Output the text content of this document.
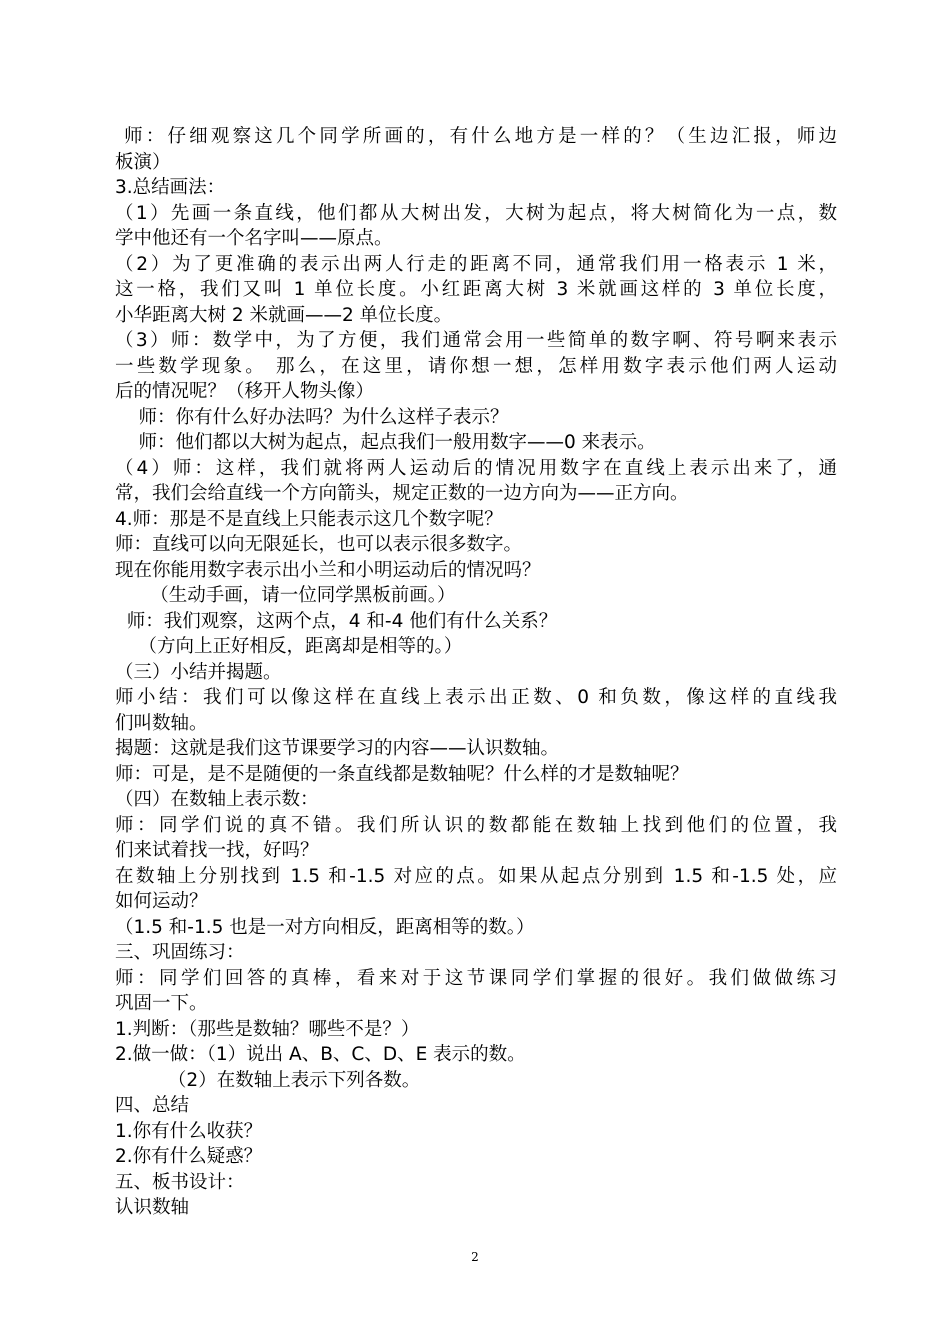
师：仔细观察这几个同学所画的，有什么地方是一样的？（生边汇报，师边
板演）
3.总结画法：
（1）先画一条直线，他们都从大树出发，大树为起点，将大树简化为一点，数
学中他还有一个名字叫——原点。
（2）为了更准确的表示出两人行走的距离不同，通常我们用一格表示 1 米，
这一格，我们又叫 1 单位长度。小红距离大树 3 米就画这样的 3 单位长度，
小华距离大树 2 米就画——2 单位长度。
（3）师：数学中，为了方便，我们通常会用一些简单的数字啊、符号啊来表示
一些数学现象。 那么，在这里，请你想一想，怎样用数字表示他们两人运动
后的情况呢？（移开人物头像）
师：你有什么好办法吗？为什么这样子表示？
师：他们都以大树为起点，起点我们一般用数字——0 来表示。
（4）师：这样，我们就将两人运动后的情况用数字在直线上表示出来了，通
常，我们会给直线一个方向箭头，规定正数的一边方向为——正方向。
4.师：那是不是直线上只能表示这几个数字呢？
师：直线可以向无限延长，也可以表示很多数字。
现在你能用数字表示出小兰和小明运动后的情况吗？
（生动手画，请一位同学黑板前画。）
师：我们观察，这两个点，4 和-4 他们有什么关系？
（方向上正好相反，距离却是相等的。）
（三）小结并揭题。
师小结：我们可以像这样在直线上表示出正数、0 和负数，像这样的直线我
们叫数轴。
揭题：这就是我们这节课要学习的内容——认识数轴。
师：可是，是不是随便的一条直线都是数轴呢？什么样的才是数轴呢？
（四）在数轴上表示数：
师：同学们说的真不错。我们所认识的数都能在数轴上找到他们的位置，我
们来试着找一找，好吗？
在数轴上分别找到 1.5 和-1.5 对应的点。如果从起点分别到 1.5 和-1.5 处，应
如何运动？
（1.5 和-1.5 也是一对方向相反，距离相等的数。）
三、巩固练习：
师：同学们回答的真棒，看来对于这节课同学们掌握的很好。我们做做练习
巩固一下。
1.判断：（那些是数轴？哪些不是？）
2.做一做：（1）说出 A、B、C、D、E 表示的数。
（2）在数轴上表示下列各数。
四、总结
1.你有什么收获？
2.你有什么疑惑？
五、板书设计：
认识数轴
2
